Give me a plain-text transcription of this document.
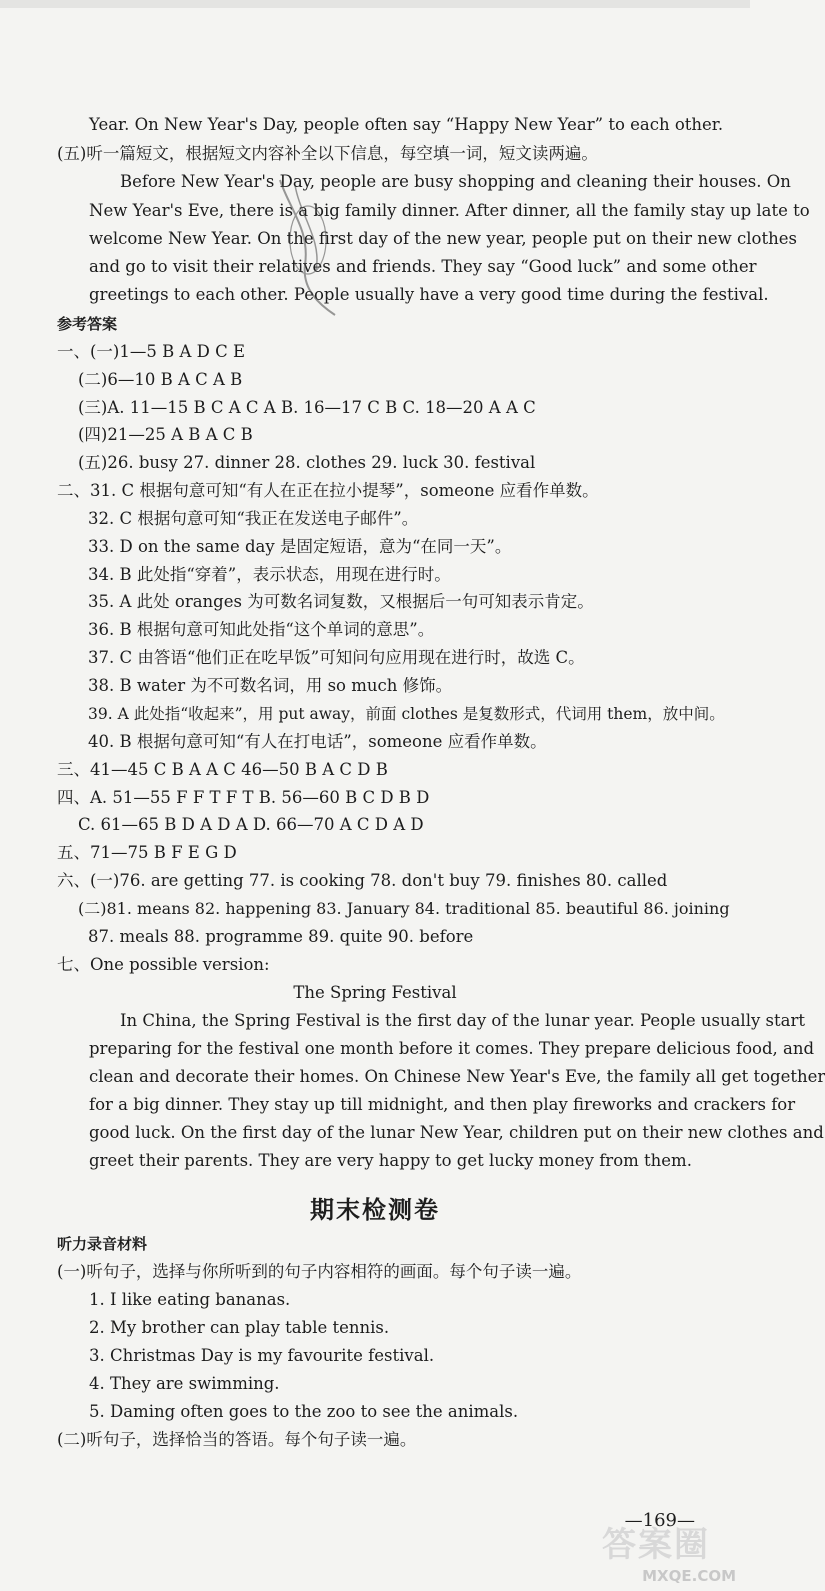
Year. On New Year's Day, people often say “Happy New Year” to each other.
(五)听一篇短文，根据短文内容补全以下信息，每空填一词，短文读两遍。
Before New Year's Day, people are busy shopping and cleaning their houses. On
New Year's Eve, there is a big family dinner. After dinner, all the family stay up late to
welcome New Year. On the first day of the new year, people put on their new clothes
and go to visit their relatives and friends. They say “Good luck” and some other
greetings to each other. People usually have a very good time during the festival.
参考答案
一、(一)1—5 B A D C E
(二)6—10 B A C A B
(三)A. 11—15 B C A C A B. 16—17 C B C. 18—20 A A C
(四)21—25 A B A C B
(五)26. busy 27. dinner 28. clothes 29. luck 30. festival
二、31. C 根据句意可知“有人在正在拉小提琴”，someone 应看作单数。
32. C 根据句意可知“我正在发送电子邮件”。
33. D on the same day 是固定短语，意为“在同一天”。
34. B 此处指“穿着”，表示状态，用现在进行时。
35. A 此处 oranges 为可数名词复数，又根据后一句可知表示肯定。
36. B 根据句意可知此处指“这个单词的意思”。
37. C 由答语“他们正在吃早饭”可知问句应用现在进行时，故选 C。
38. B water 为不可数名词，用 so much 修饰。
39. A 此处指“收起来”，用 put away，前面 clothes 是复数形式，代词用 them，放中间。
40. B 根据句意可知“有人在打电话”，someone 应看作单数。
三、41—45 C B A A C 46—50 B A C D B
四、A. 51—55 F F T F T B. 56—60 B C D B D
C. 61—65 B D A D A D. 66—70 A C D A D
五、71—75 B F E G D
六、(一)76. are getting 77. is cooking 78. don't buy 79. finishes 80. called
(二)81. means 82. happening 83. January 84. traditional 85. beautiful 86. joining
87. meals 88. programme 89. quite 90. before
七、One possible version:
The Spring Festival
In China, the Spring Festival is the first day of the lunar year. People usually start
preparing for the festival one month before it comes. They prepare delicious food, and
clean and decorate their homes. On Chinese New Year's Eve, the family all get together
for a big dinner. They stay up till midnight, and then play fireworks and crackers for
good luck. On the first day of the lunar New Year, children put on their new clothes and
greet their parents. They are very happy to get lucky money from them.
期末检测卷
听力录音材料
(一)听句子，选择与你所听到的句子内容相符的画面。每个句子读一遍。
1. I like eating bananas.
2. My brother can play table tennis.
3. Christmas Day is my favourite festival.
4. They are swimming.
5. Daming often goes to the zoo to see the animals.
(二)听句子，选择恰当的答语。每个句子读一遍。
—169—
答案圈
MXQE.COM
